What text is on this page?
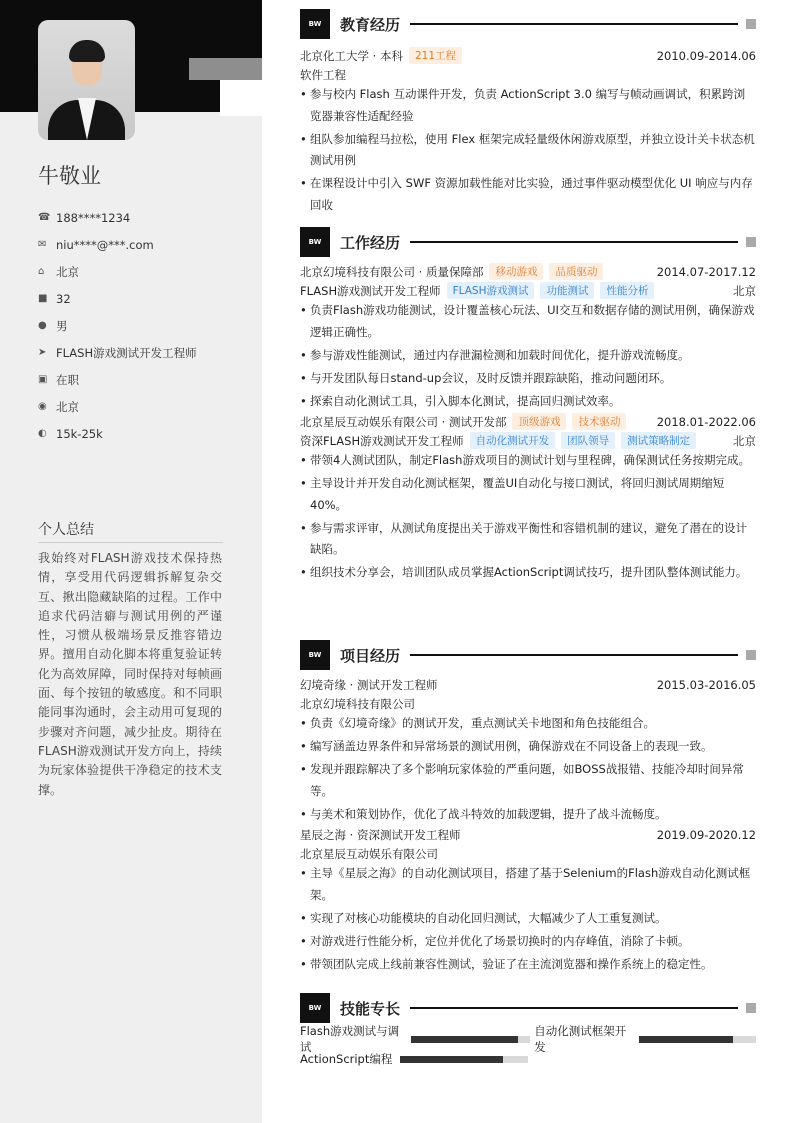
牛敬业
☎ 188****1234
✉ niu****@***.com
⌂	北京
■ 32
● 男
➤ FLASH游戏测试开发工程师
▣ 在职
◉ 北京
◐ 15k-25k
个人总结
我始终对FLASH游戏技术保持热情，享受用代码逻辑拆解复杂交互、揪出隐藏缺陷的过程。工作中追求代码洁癖与测试用例的严谨性，习惯从极端场景反推容错边界。擅用自动化脚本将重复验证转化为高效屏障，同时保持对每帧画面、每个按钮的敏感度。和不同职能同事沟通时，会主动用可复现的步骤对齐问题，减少扯皮。期待在FLASH游戏测试开发方向上，持续为玩家体验提供干净稳定的技术支撑。
BW	教育经历
北京化工大学 · 本科	211工程	2010.09-2014.06
软件工程
• 参与校内 Flash 互动课件开发，负责 ActionScript 3.0 编写与帧动画调试，积累跨浏览器兼容性适配经验
• 组队参加编程马拉松，使用 Flex 框架完成轻量级休闲游戏原型，并独立设计关卡状态机测试用例
• 在课程设计中引入 SWF 资源加载性能对比实验，通过事件驱动模型优化 UI 响应与内存回收
BW	工作经历
北京幻境科技有限公司 · 质量保障部	移动游戏	品质驱动	2014.07-2017.12
FLASH游戏测试开发工程师	FLASH游戏测试	功能测试	性能分析	北京
• 负责Flash游戏功能测试，设计覆盖核心玩法、UI交互和数据存储的测试用例，确保游戏逻辑正确性。
• 参与游戏性能测试，通过内存泄漏检测和加载时间优化，提升游戏流畅度。
• 与开发团队每日stand-up会议，及时反馈并跟踪缺陷，推动问题闭环。
• 探索自动化测试工具，引入脚本化测试，提高回归测试效率。
北京星辰互动娱乐有限公司 · 测试开发部	顶级游戏	技术驱动	2018.01-2022.06
资深FLASH游戏测试开发工程师	自动化测试开发	团队领导	测试策略制定	北京
• 带领4人测试团队，制定Flash游戏项目的测试计划与里程碑，确保测试任务按期完成。
• 主导设计并开发自动化测试框架，覆盖UI自动化与接口测试，将回归测试周期缩短40%。
• 参与需求评审，从测试角度提出关于游戏平衡性和容错机制的建议，避免了潜在的设计缺陷。
• 组织技术分享会，培训团队成员掌握ActionScript调试技巧，提升团队整体测试能力。
BW	项目经历
幻境奇缘 · 测试开发工程师	2015.03-2016.05
北京幻境科技有限公司
• 负责《幻境奇缘》的测试开发，重点测试关卡地图和角色技能组合。
• 编写涵盖边界条件和异常场景的测试用例，确保游戏在不同设备上的表现一致。
• 发现并跟踪解决了多个影响玩家体验的严重问题，如BOSS战报错、技能冷却时间异常等。
• 与美术和策划协作，优化了战斗特效的加载逻辑，提升了战斗流畅度。
星辰之海 · 资深测试开发工程师	2019.09-2020.12
北京星辰互动娱乐有限公司
• 主导《星辰之海》的自动化测试项目，搭建了基于Selenium的Flash游戏自动化测试框架。
• 实现了对核心功能模块的自动化回归测试，大幅减少了人工重复测试。
• 对游戏进行性能分析，定位并优化了场景切换时的内存峰值，消除了卡顿。
• 带领团队完成上线前兼容性测试，验证了在主流浏览器和操作系统上的稳定性。
BW	技能专长
Flash游戏测试与调试
自动化测试框架开发
ActionScript编程
